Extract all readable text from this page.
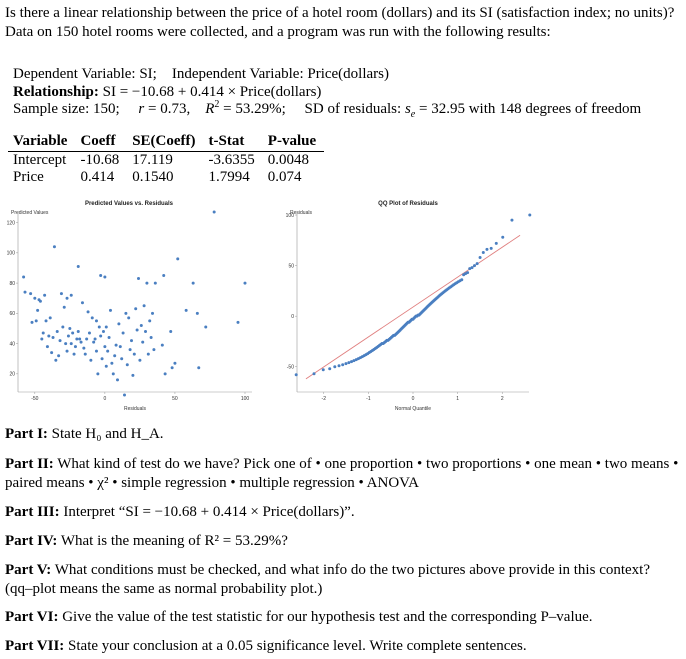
Is there a linear relationship between the price of a hotel room (dollars) and its SI (satisfaction index; no units)? Data on 150 hotel rooms were collected, and a program was run with the following results:
Dependent Variable: SI; Independent Variable: Price(dollars)
Relationship: SI = −10.68 + 0.414 × Price(dollars)
Sample size: 150; r = 0.73, $R^2 = 53.29\%$; SD of residuals: $s_e = 32.95$ with 148 degrees of freedom
Variable	Coeff	SE(Coeff)	t-Stat	P-value
Intercept	-10.68	17.119	-3.6355	0.0048
Price	0.414	0.1540	1.7994	0.074
Predicted Values vs. Residuals
Predicted Values
Residuals
-50	0	50	100
20
40
60
80
100
120
QQ Plot of Residuals
Residuals
Normal Quantile
-2	-1	0	1	2
-50
0
50
100
Part I: State H₀ and H_A.
Part II: What kind of test do we have? Pick one of • one proportion • two proportions • one mean • two means • paired means • χ² • simple regression • multiple regression • ANOVA
Part III: Interpret “SI = −10.68 + 0.414 × Price(dollars)”.
Part IV: What is the meaning of R² = 53.29%?
Part V: What conditions must be checked, and what info do the two pictures above provide in this context? (qq–plot means the same as normal probability plot.)
Part VI: Give the value of the test statistic for our hypothesis test and the corresponding P–value.
Part VII: State your conclusion at a 0.05 significance level. Write complete sentences.
